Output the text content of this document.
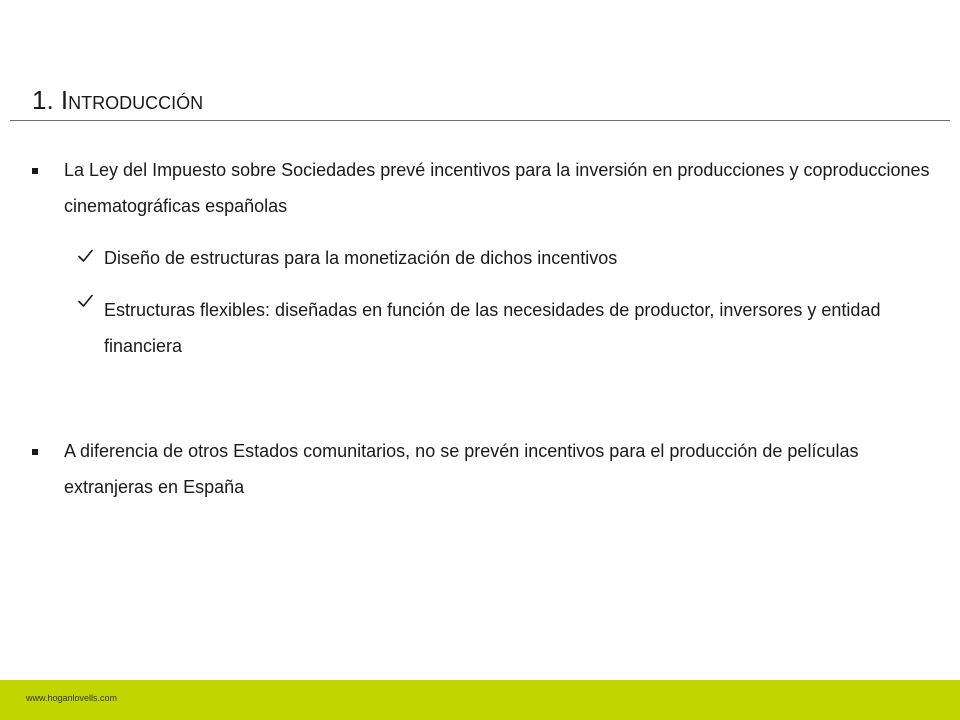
1. Introducción
La Ley del Impuesto sobre Sociedades prevé incentivos para la inversión en producciones y coproducciones cinematográficas españolas
Diseño de estructuras para la monetización de dichos incentivos
Estructuras flexibles: diseñadas en función de las necesidades de productor, inversores y entidad financiera
A diferencia de otros Estados comunitarios, no se prevén incentivos para el producción de películas extranjeras en España
www.hoganlovells.com
